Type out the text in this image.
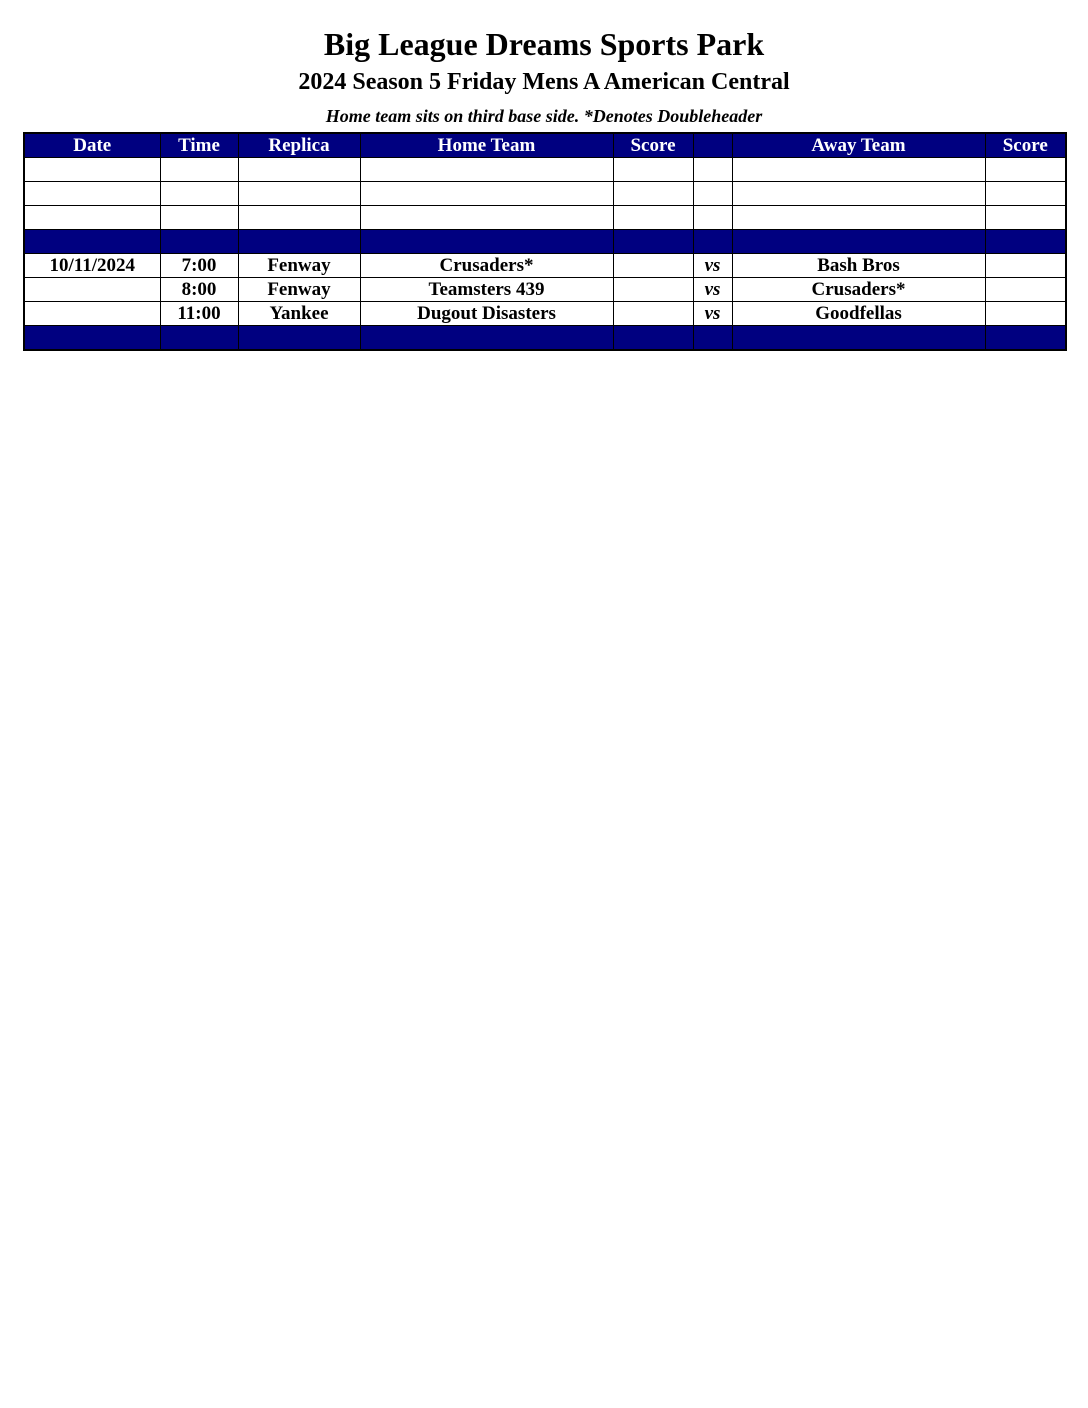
Big League Dreams Sports Park
2024 Season 5 Friday Mens A American Central
Home team sits on third base side. *Denotes Doubleheader
Date	Time	Replica	Home Team	Score		Away Team	Score

10/11/2024	7:00	Fenway	Crusaders*		vs	Bash Bros	
	8:00	Fenway	Teamsters 439		vs	Crusaders*	
	11:00	Yankee	Dugout Disasters		vs	Goodfellas	
